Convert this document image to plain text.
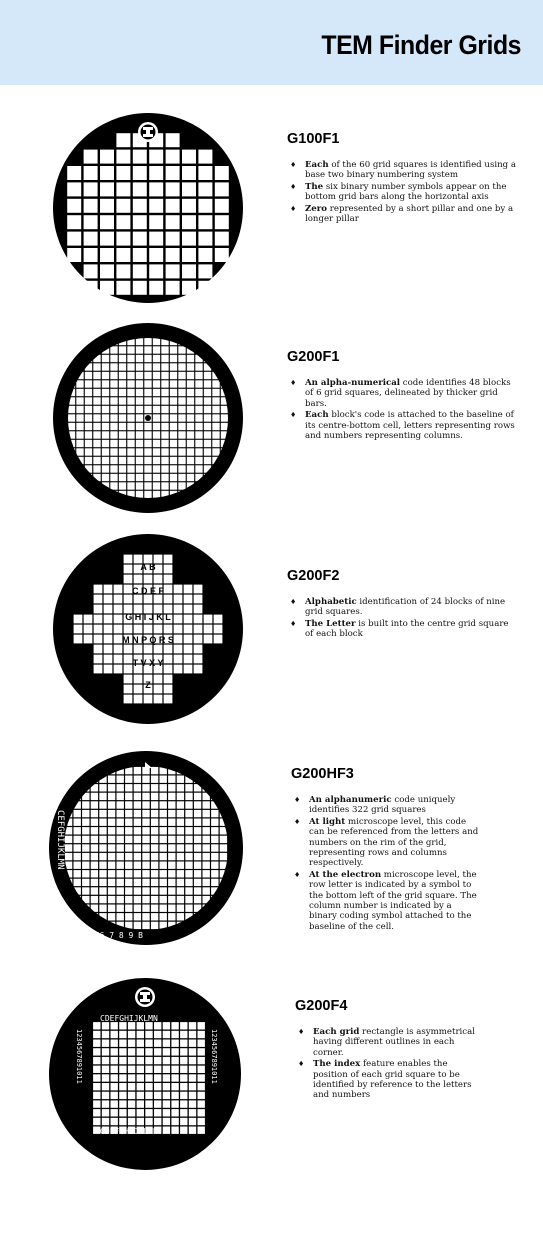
TEM Finder Grids
G100F1
♦ Each of the 60 grid squares is identified using a base two binary numbering system
♦ The six binary number symbols appear on the bottom grid bars along the horizontal axis
♦ Zero represented by a short pillar and one by a longer pillar
G200F1
♦ An alpha-numerical code identifies 48 blocks of 6 grid squares, delineated by thicker grid bars.
♦ Each block's code is attached to the baseline of its centre-bottom cell, letters representing rows and numbers representing columns.
A B
C D E F
G H I J K L
M N P Q R S
T V X Y
Z
G200F2
♦ Alphabetic identification of 24 blocks of nine grid squares.
♦ The Letter is built into the centre grid square of each block
CEFGHIJKLMN
TS6 7 8 9 B
G200HF3
♦ An alphanumeric code uniquely identifies 322 grid squares
♦ At light microscope level, this code can be referenced from the letters and numbers on the rim of the grid, representing rows and columns respectively.
♦ At the electron microscope level, the row letter is indicated by a symbol to the bottom left of the grid square. The column number is indicated by a binary coding symbol attached to the baseline of the cell.
CDEFGHIJKLMN
CDEFGHIJKLMN
1234567891011	1234567891011
G200F4
♦ Each grid rectangle is asymmetrical having different outlines in each corner.
♦ The index feature enables the position of each grid square to be identified by reference to the letters and numbers
